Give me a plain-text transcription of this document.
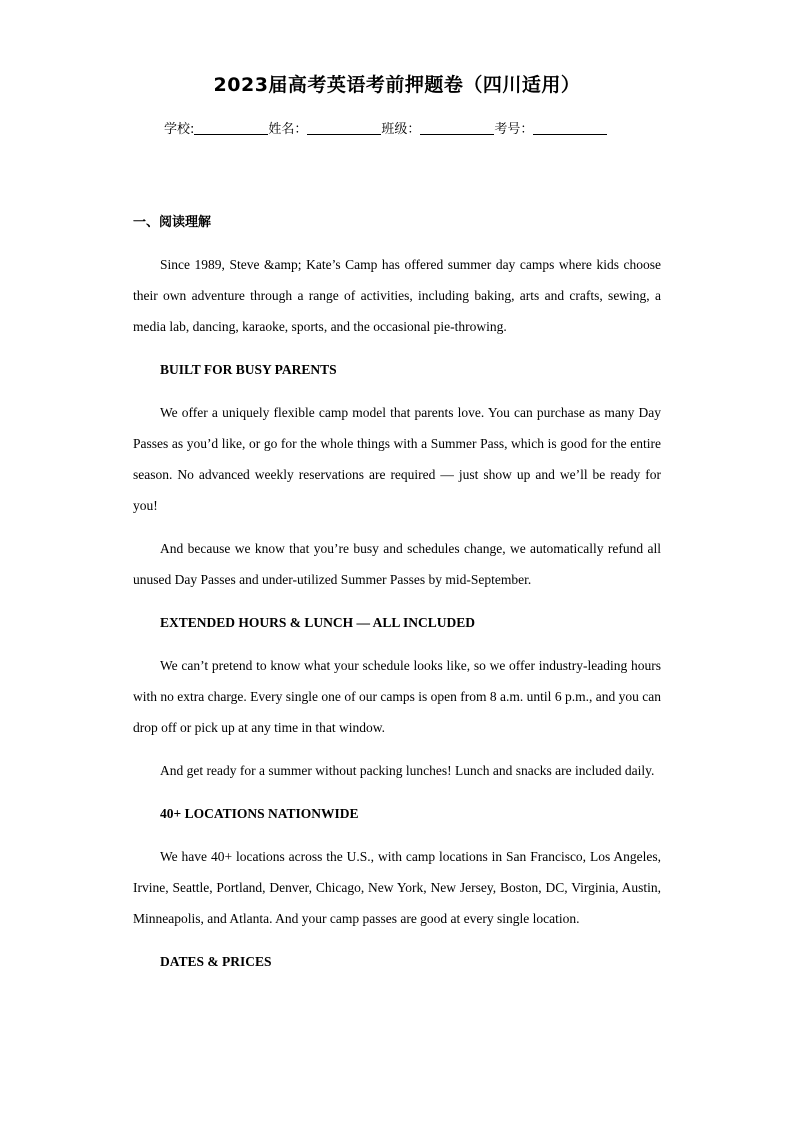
2023届高考英语考前押题卷（四川适用）
学校:	姓名：	班级：	考号：
一、阅读理解

Since 1989, Steve &amp; Kate’s Camp has offered summer day camps where kids choose their own adventure through a range of activities, including baking, arts and crafts, sewing, a media lab, dancing, karaoke, sports, and the occasional pie-throwing.

BUILT FOR BUSY PARENTS

We offer a uniquely flexible camp model that parents love. You can purchase as many Day Passes as you’d like, or go for the whole things with a Summer Pass, which is good for the entire season. No advanced weekly reservations are required — just show up and we’ll be ready for you!

And because we know that you’re busy and schedules change, we automatically refund all unused Day Passes and under-utilized Summer Passes by mid-September.

EXTENDED HOURS & LUNCH — ALL INCLUDED

We can’t pretend to know what your schedule looks like, so we offer industry-leading hours with no extra charge. Every single one of our camps is open from 8 a.m. until 6 p.m., and you can drop off or pick up at any time in that window.

And get ready for a summer without packing lunches! Lunch and snacks are included daily.

40+ LOCATIONS NATIONWIDE

We have 40+ locations across the U.S., with camp locations in San Francisco, Los Angeles, Irvine, Seattle, Portland, Denver, Chicago, New York, New Jersey, Boston, DC, Virginia, Austin, Minneapolis, and Atlanta. And your camp passes are good at every single location.

DATES & PRICES
